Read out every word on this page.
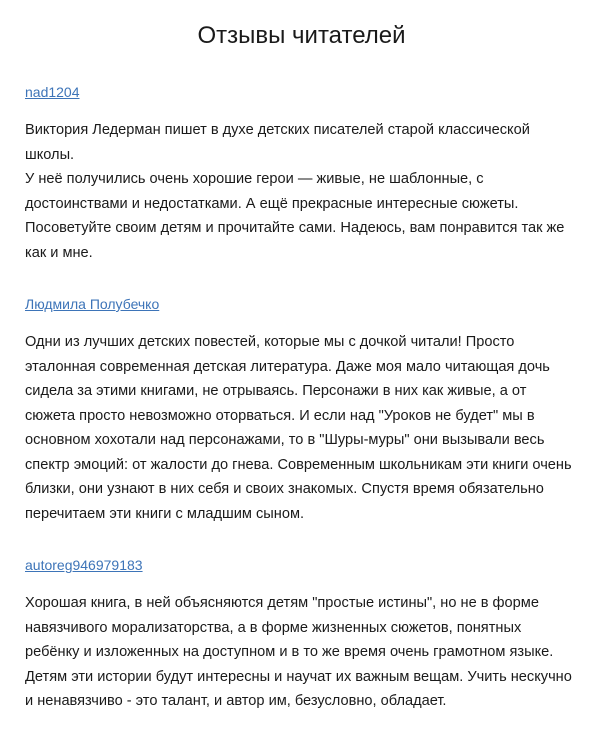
Отзывы читателей
nad1204

Виктория Ледерман пишет в духе детских писателей старой классической школы.
У неё получились очень хорошие герои — живые, не шаблонные, с достоинствами и недостатками. А ещё прекрасные интересные сюжеты. Посоветуйте своим детям и прочитайте сами. Надеюсь, вам понравится так же как и мне.

Людмила Полубечко

Одни из лучших детских повестей, которые мы с дочкой читали! Просто эталонная современная детская литература. Даже моя мало читающая дочь сидела за этими книгами, не отрываясь. Персонажи в них как живые, а от сюжета просто невозможно оторваться. И если над "Уроков не будет" мы в основном хохотали над персонажами, то в "Шуры-муры" они вызывали весь спектр эмоций: от жалости до гнева. Современным школьникам эти книги очень близки, они узнают в них себя и своих знакомых. Спустя время обязательно перечитаем эти книги с младшим сыном.

autoreg946979183

Хорошая книга, в ней объясняются детям "простые истины", но не в форме навязчивого морализаторства, а в форме жизненных сюжетов, понятных ребёнку и изложенных на доступном и в то же время очень грамотном языке. Детям эти истории будут интересны и научат их важным вещам. Учить нескучно и ненавязчиво - это талант, и автор им, безусловно, обладает.
